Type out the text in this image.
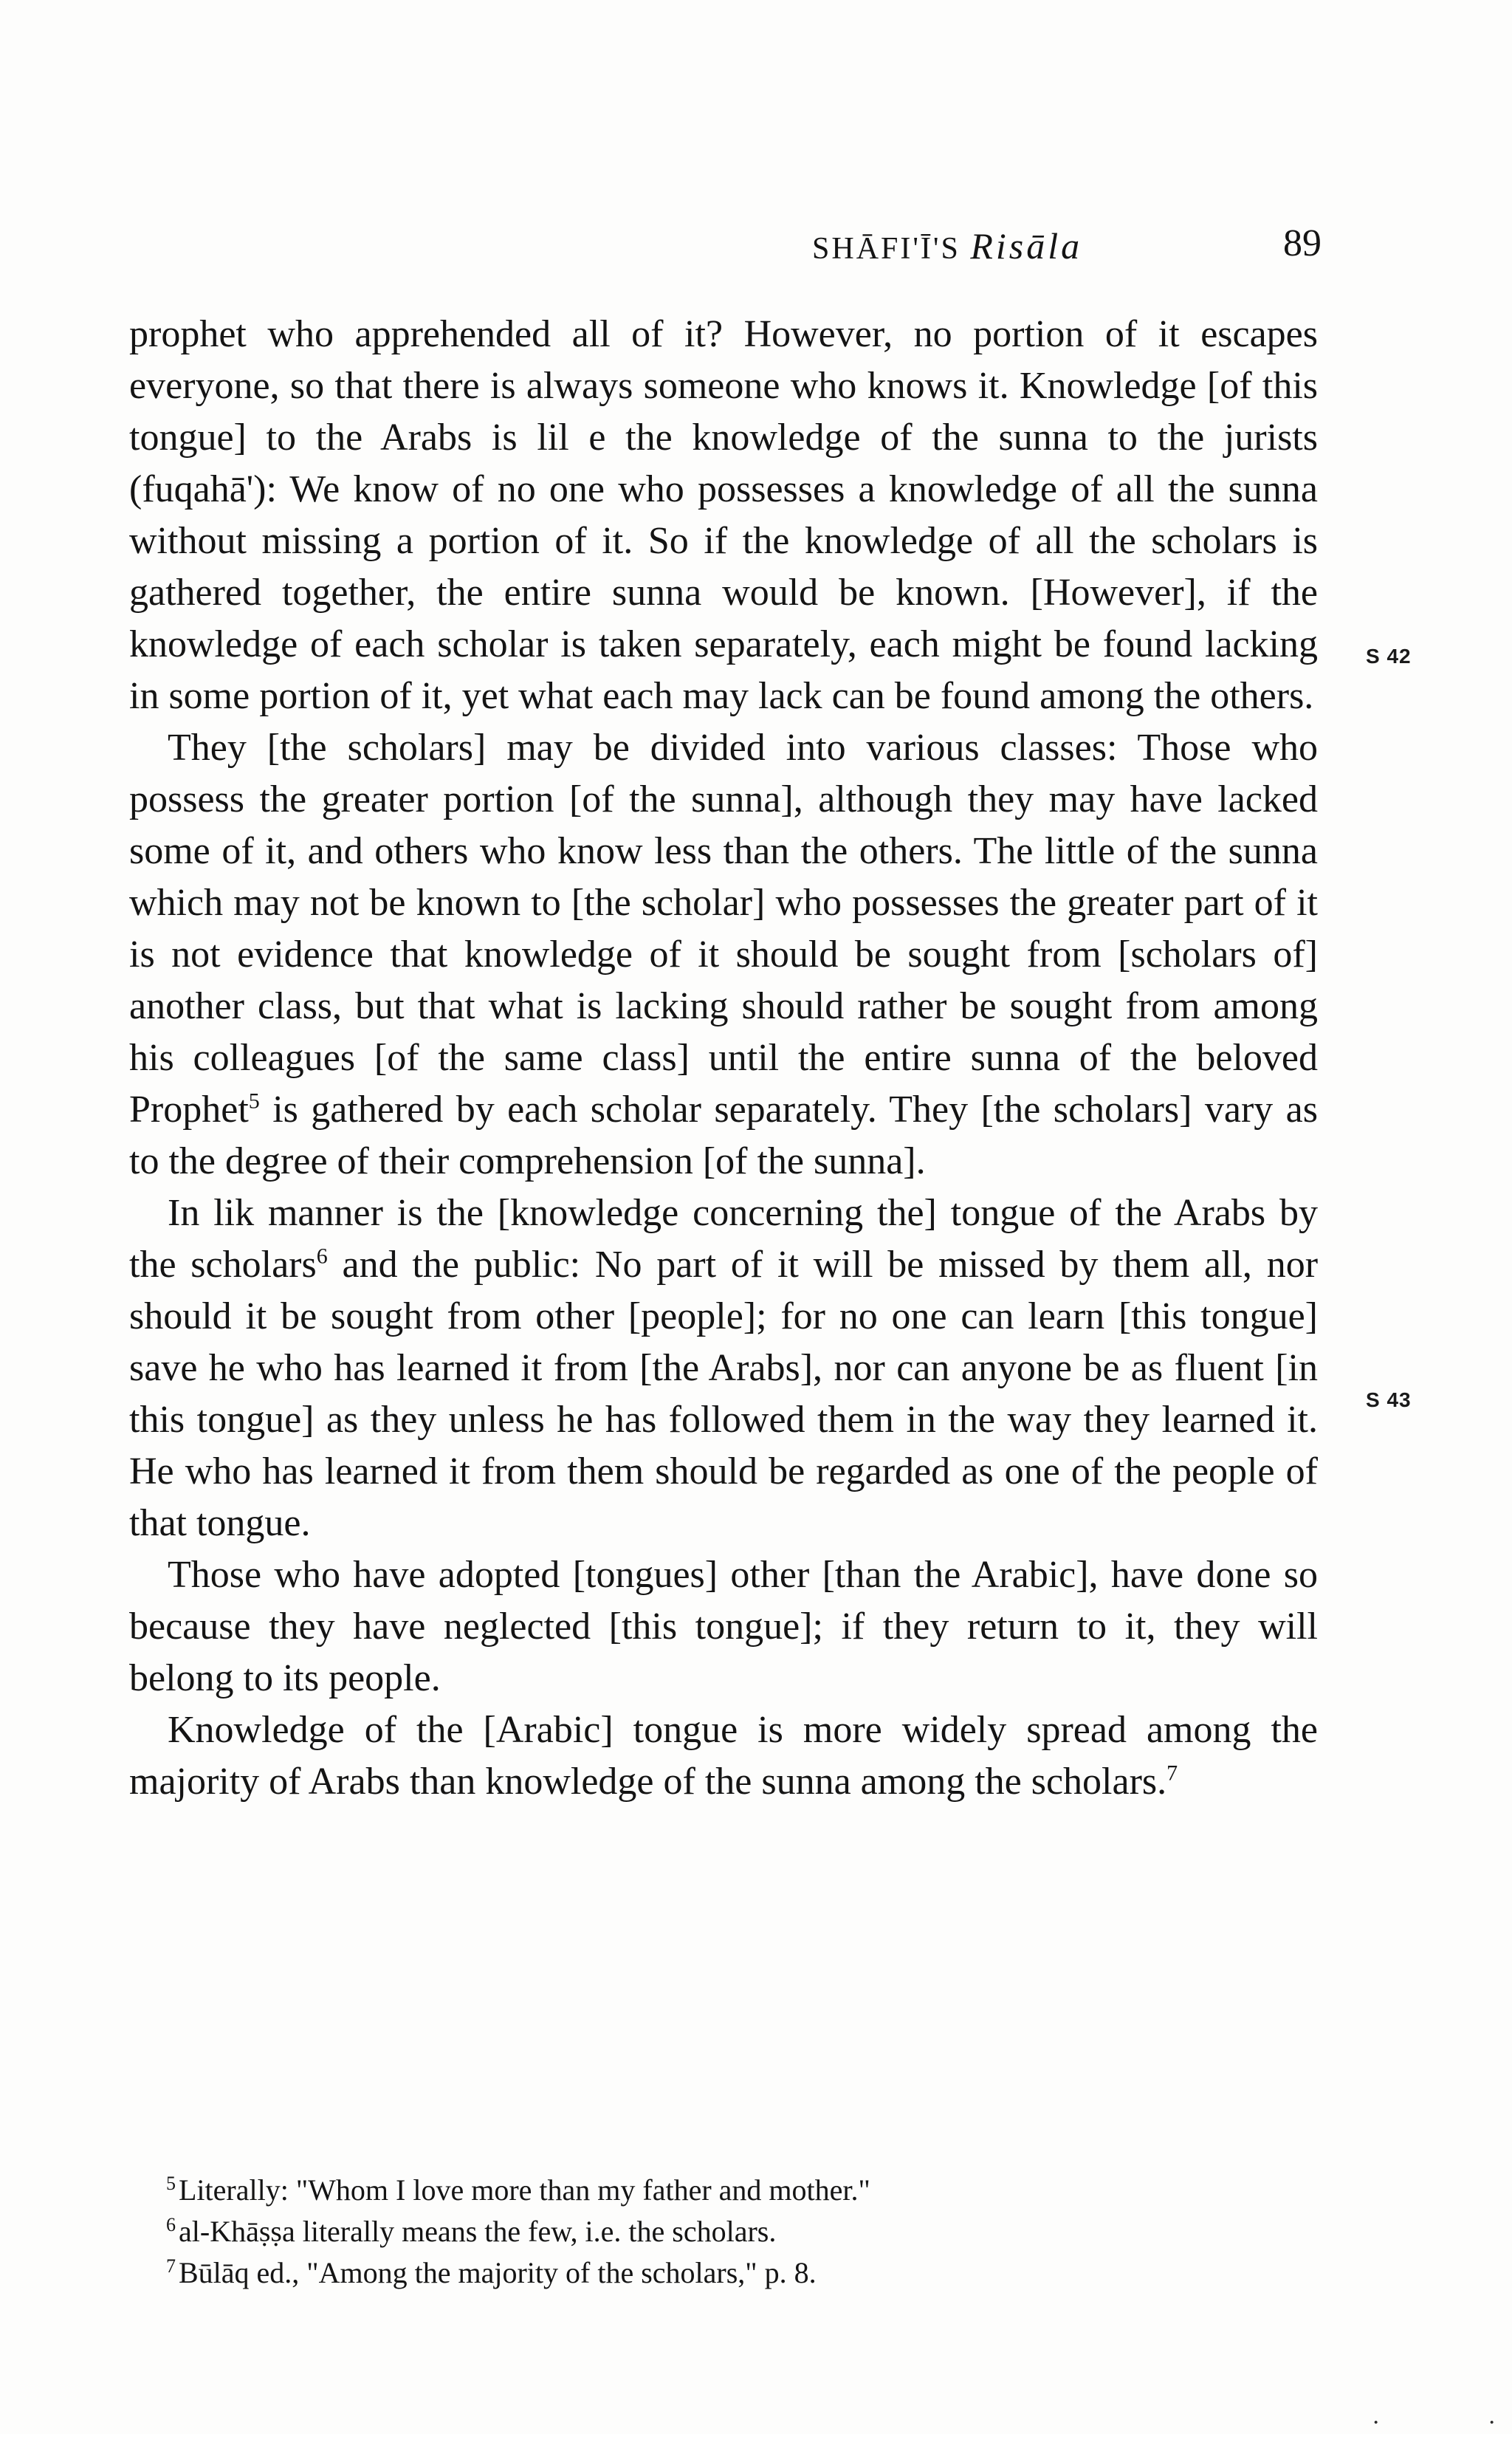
SHĀFI'Ī'S Risāla	89

prophet who apprehended all of it? However, no portion of it escapes everyone, so that there is always someone who knows it. Knowledge [of this tongue] to the Arabs is lil e the knowledge of the sunna to the jurists (fuqahā'): We know of no one who possesses a knowledge of all the sunna without missing a portion of it. So if the knowledge of all the scholars is gathered together, the entire sunna would be known. [However], if the knowledge of each scholar is taken separately, each might be found lacking in some portion of it, yet what each may lack can be found among the others.

They [the scholars] may be divided into various classes: Those who possess the greater portion [of the sunna], although they may have lacked some of it, and others who know less than the others. The little of the sunna which may not be known to [the scholar] who possesses the greater part of it is not evidence that knowledge of it should be sought from [scholars of] another class, but that what is lacking should rather be sought from among his colleagues [of the same class] until the entire sunna of the beloved Prophet$^5$ is gathered by each scholar separately. They [the scholars] vary as to the degree of their comprehension [of the sunna].

In lik manner is the [knowledge concerning the] tongue of the Arabs by the scholars$^6$ and the public: No part of it will be missed by them all, nor should it be sought from other [people]; for no one can learn [this tongue] save he who has learned it from [the Arabs], nor can anyone be as fluent [in this tongue] as they unless he has followed them in the way they learned it. He who has learned it from them should be regarded as one of the people of that tongue.

Those who have adopted [tongues] other [than the Arabic], have done so because they have neglected [this tongue]; if they return to it, they will belong to its people.

Knowledge of the [Arabic] tongue is more widely spread among the majority of Arabs than knowledge of the sunna among the scholars.$^7$

S 42
S 43
$^5$ Literally: "Whom I love more than my father and mother."
$^6$ al-Khāṣṣa literally means the few, i.e. the scholars.
$^7$ Būlāq ed., "Among the majority of the scholars," p. 8.
·	·
